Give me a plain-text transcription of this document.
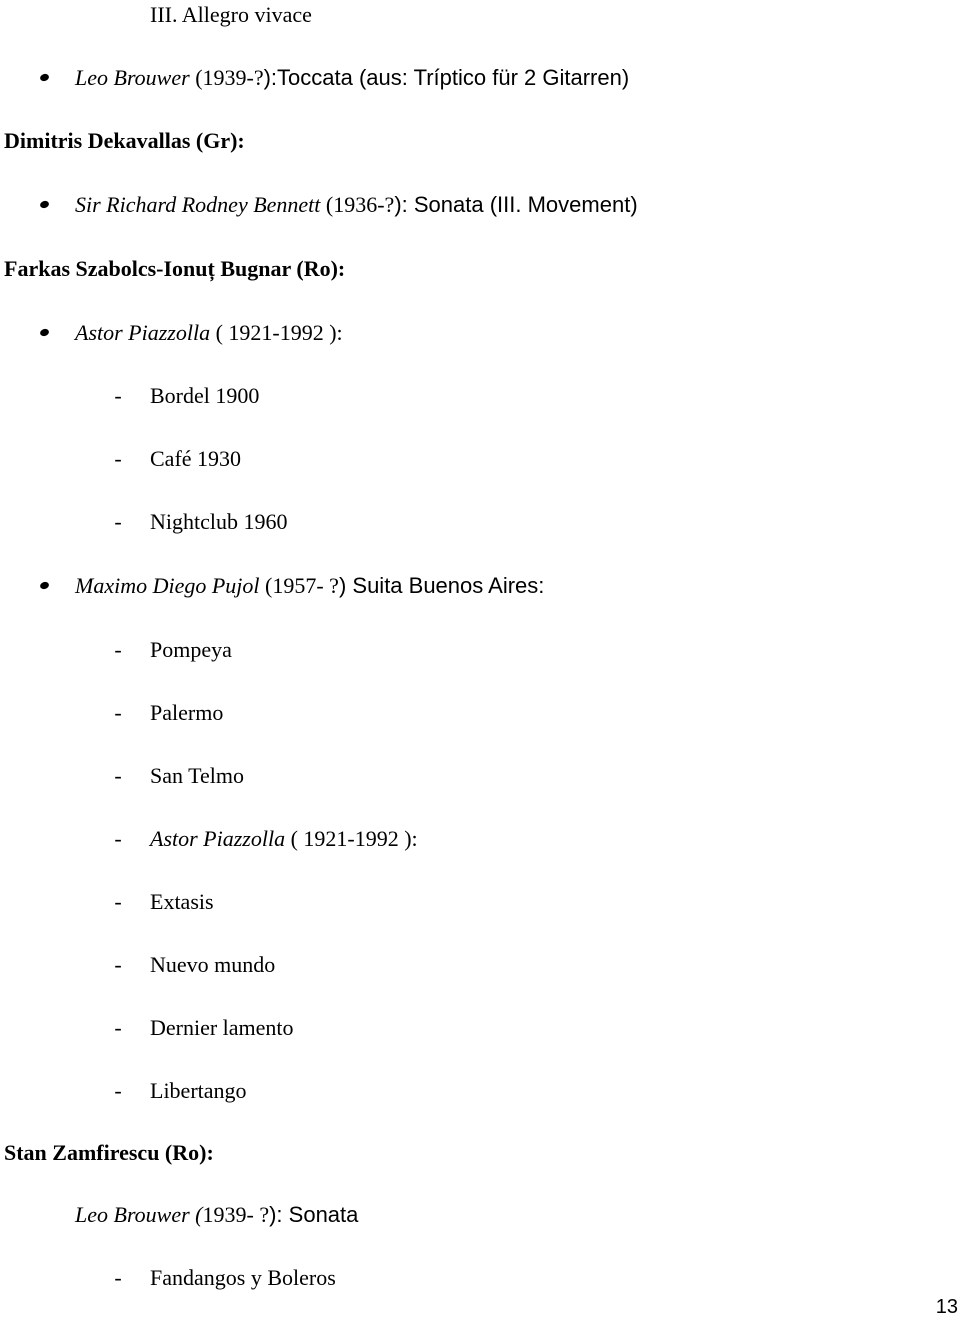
III. Allegro vivace
Leo Brouwer (1939-?):Toccata (aus: Tríptico für 2 Gitarren)
Dimitris Dekavallas (Gr):
Sir Richard Rodney Bennett (1936-?): Sonata (III. Movement)
Farkas Szabolcs-Ionuț Bugnar (Ro):
Astor Piazzolla ( 1921-1992 ):
- Bordel 1900
- Café 1930
- Nightclub 1960
Maximo Diego Pujol (1957- ?) Suita Buenos Aires:
- Pompeya
- Palermo
- San Telmo
- Astor Piazzolla ( 1921-1992 ):
- Extasis
- Nuevo mundo
- Dernier lamento
- Libertango
Stan Zamfirescu (Ro):
Leo Brouwer (1939- ?): Sonata
- Fandangos y Boleros
13
